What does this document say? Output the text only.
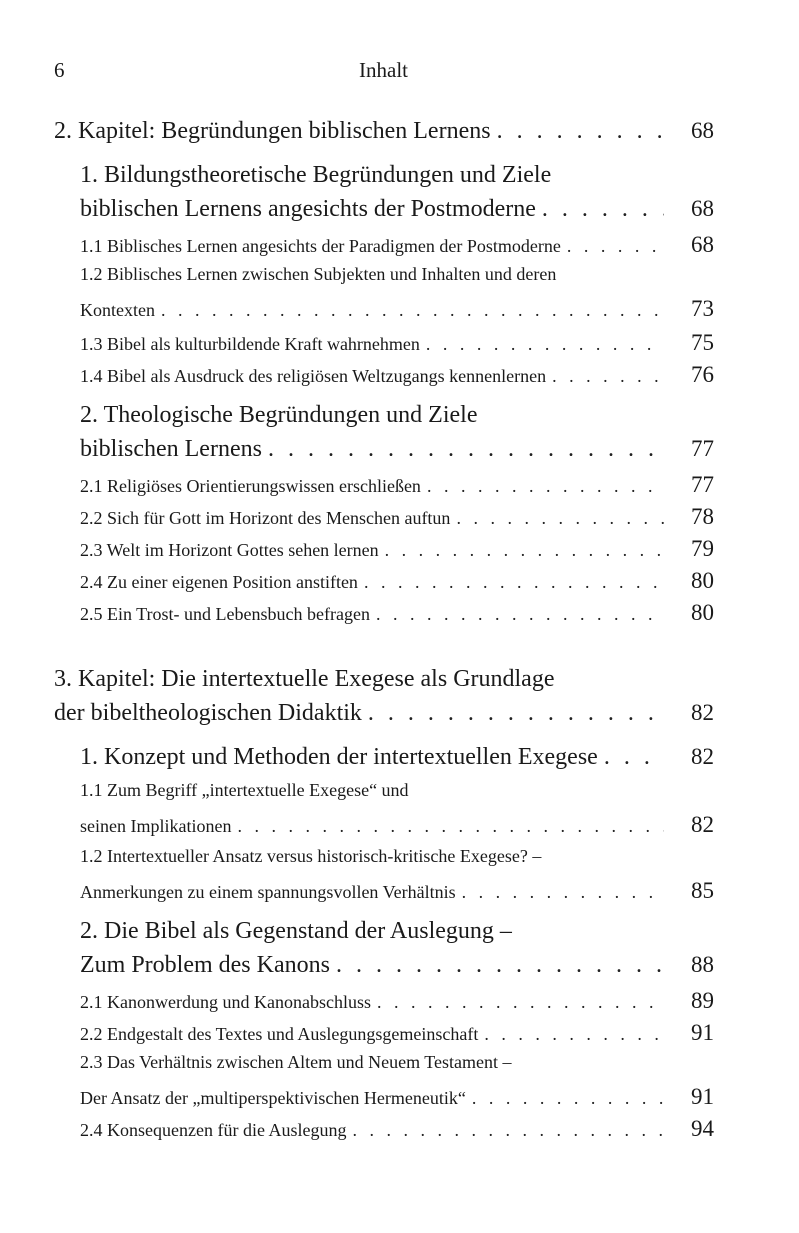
6	Inhalt
2. Kapitel: Begründungen biblischen Lernens . . .	68
1. Bildungstheoretische Begründungen und Ziele
biblischen Lernens angesichts der Postmoderne . . .	68
1.1 Biblisches Lernen angesichts der Paradigmen der Postmoderne . . .	68
1.2 Biblisches Lernen zwischen Subjekten und Inhalten und deren
Kontexten . . .	73
1.3 Bibel als kulturbildende Kraft wahrnehmen . . .	75
1.4 Bibel als Ausdruck des religiösen Weltzugangs kennenlernen . . .	76
2. Theologische Begründungen und Ziele
biblischen Lernens . . .	77
2.1 Religiöses Orientierungswissen erschließen . . .	77
2.2 Sich für Gott im Horizont des Menschen auftun . . .	78
2.3 Welt im Horizont Gottes sehen lernen . . .	79
2.4 Zu einer eigenen Position anstiften . . .	80
2.5 Ein Trost- und Lebensbuch befragen . . .	80
3. Kapitel: Die intertextuelle Exegese als Grundlage
der bibeltheologischen Didaktik . . .	82
1. Konzept und Methoden der intertextuellen Exegese . . .	82
1.1 Zum Begriff „intertextuelle Exegese“ und
seinen Implikationen . . .	82
1.2 Intertextueller Ansatz versus historisch-kritische Exegese? –
Anmerkungen zu einem spannungsvollen Verhältnis . . .	85
2. Die Bibel als Gegenstand der Auslegung –
Zum Problem des Kanons . . .	88
2.1 Kanonwerdung und Kanonabschluss . . .	89
2.2 Endgestalt des Textes und Auslegungsgemeinschaft . . .	91
2.3 Das Verhältnis zwischen Altem und Neuem Testament –
Der Ansatz der „multiperspektivischen Hermeneutik“ . . .	91
2.4 Konsequenzen für die Auslegung . . .	94
